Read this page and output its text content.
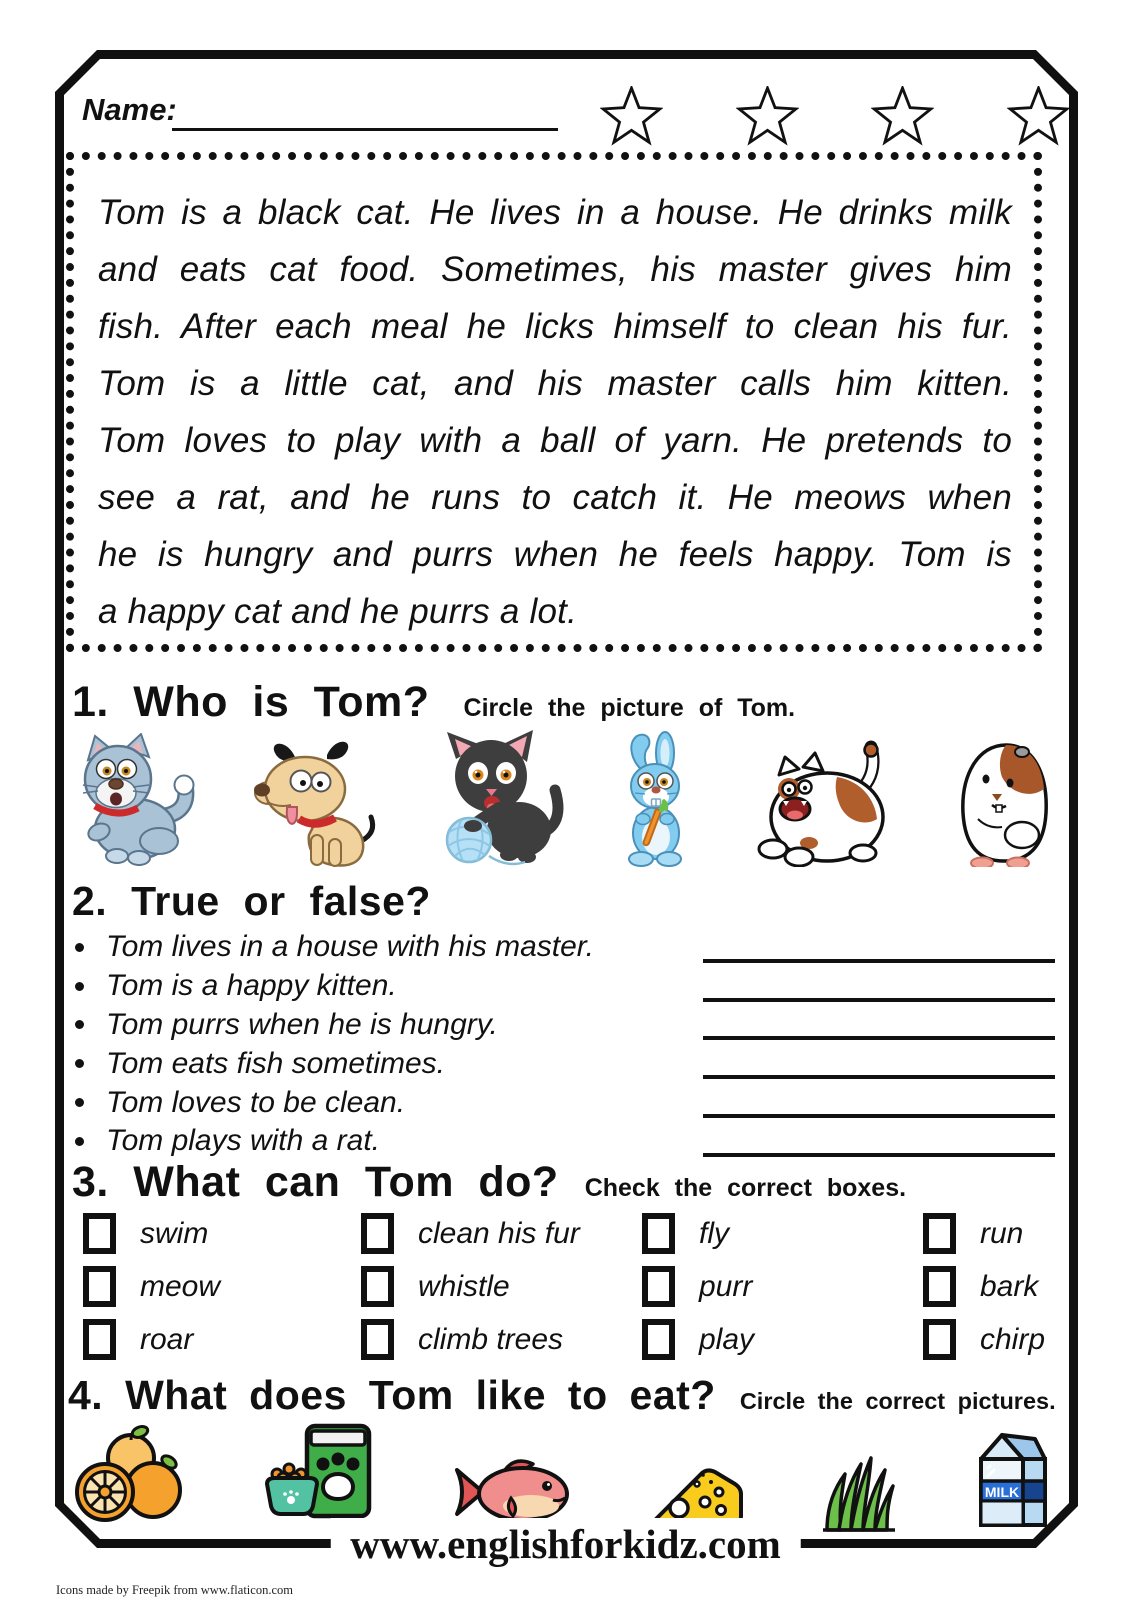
Name:
Tom is a black cat. He lives in a house. He drinks milk
and eats cat food. Sometimes, his master gives him
fish. After each meal he licks himself to clean his fur.
Tom is a little cat, and his master calls him kitten.
Tom loves to play with a ball of yarn. He pretends to
see a rat, and he runs to catch it. He meows when
he is hungry and purrs when he feels happy. Tom is
a happy cat and he purrs a lot.
1. Who is Tom? Circle the picture of Tom.
2. True or false?
Tom lives in a house with his master.
Tom is a happy kitten.
Tom purrs when he is hungry.
Tom eats fish sometimes.
Tom loves to be clean.
Tom plays with a rat.
3. What can Tom do? Check the correct boxes.
swim	clean his fur	fly	run
meow	whistle	purr	bark
roar	climb trees	play	chirp
4. What does Tom like to eat? Circle the correct pictures.
MILK
www.englishforkidz.com
Icons made by Freepik from www.flaticon.com
